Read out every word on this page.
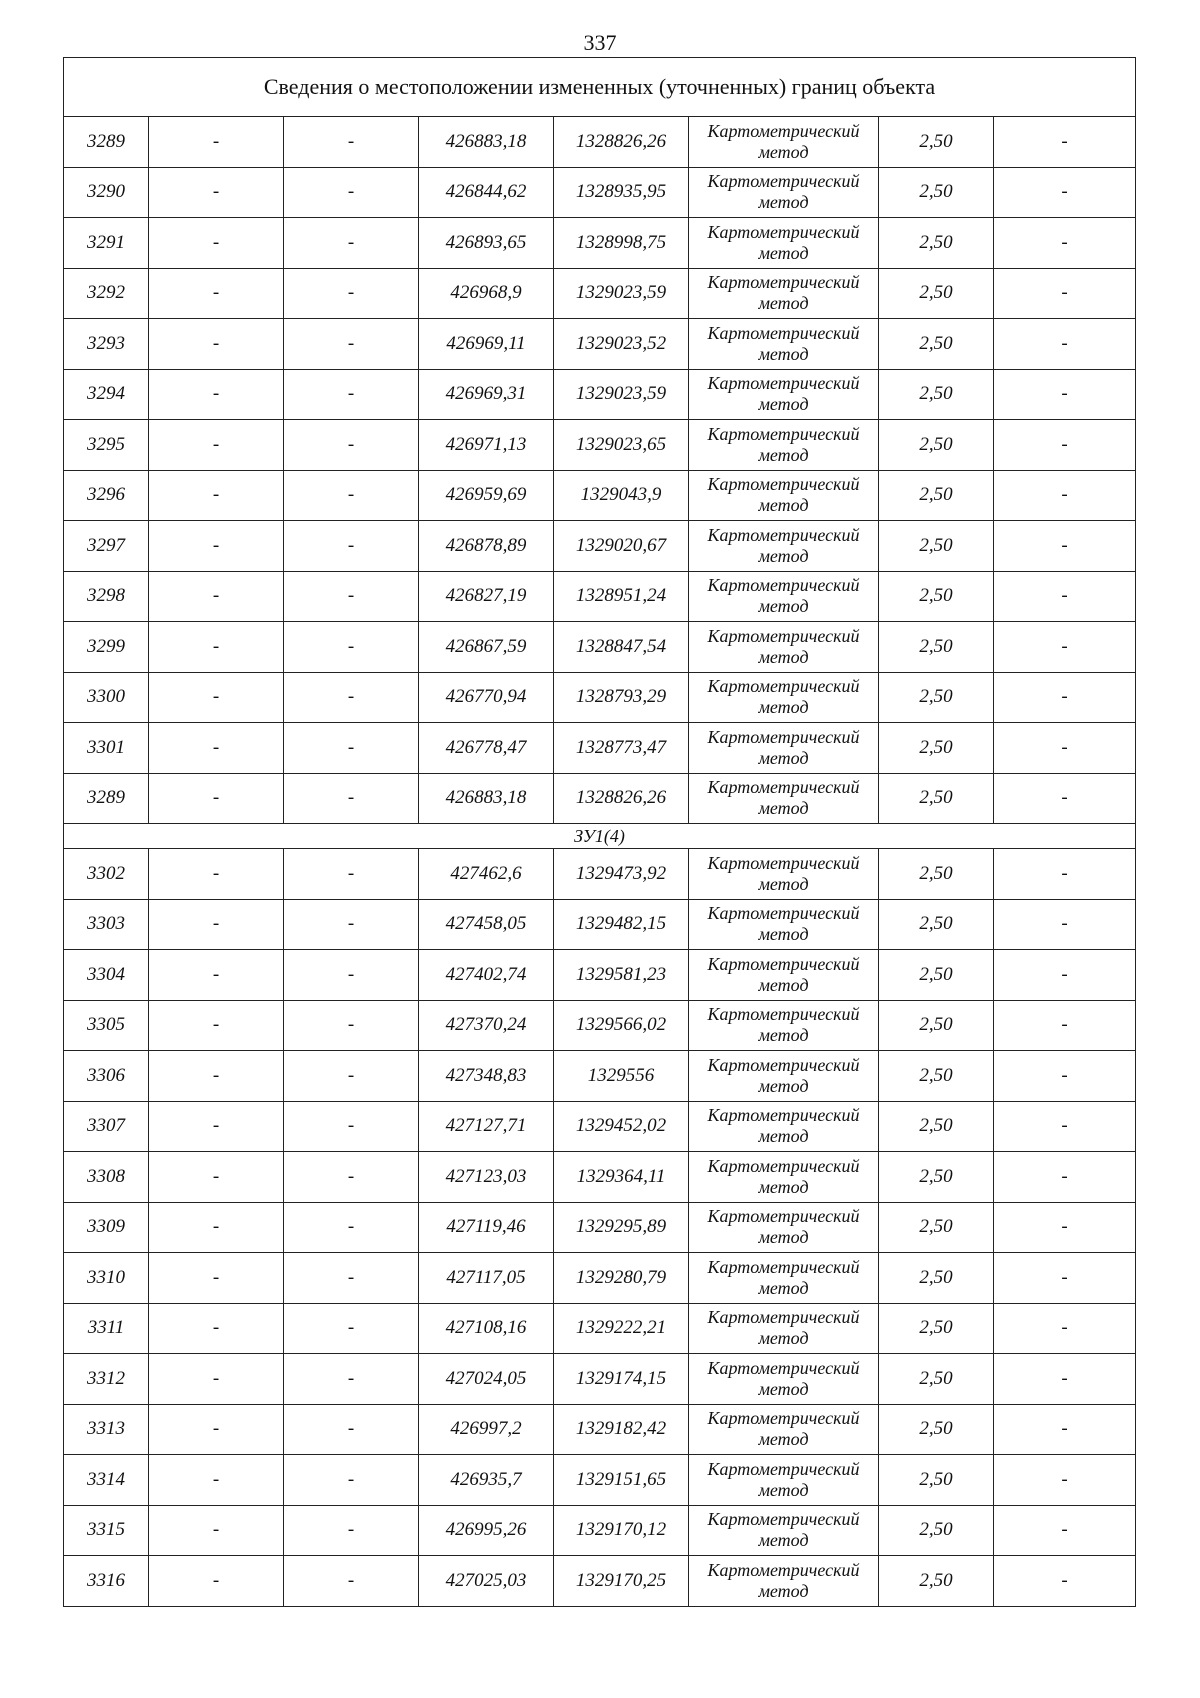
337
Сведения о местоположении измененных (уточненных) границ объекта							
3289	-	-	426883,18	1328826,26	Картометрический
метод	2,50	-
3290	-	-	426844,62	1328935,95	Картометрический
метод	2,50	-
3291	-	-	426893,65	1328998,75	Картометрический
метод	2,50	-
3292	-	-	426968,9	1329023,59	Картометрический
метод	2,50	-
3293	-	-	426969,11	1329023,52	Картометрический
метод	2,50	-
3294	-	-	426969,31	1329023,59	Картометрический
метод	2,50	-
3295	-	-	426971,13	1329023,65	Картометрический
метод	2,50	-
3296	-	-	426959,69	1329043,9	Картометрический
метод	2,50	-
3297	-	-	426878,89	1329020,67	Картометрический
метод	2,50	-
3298	-	-	426827,19	1328951,24	Картометрический
метод	2,50	-
3299	-	-	426867,59	1328847,54	Картометрический
метод	2,50	-
3300	-	-	426770,94	1328793,29	Картометрический
метод	2,50	-
3301	-	-	426778,47	1328773,47	Картометрический
метод	2,50	-
3289	-	-	426883,18	1328826,26	Картометрический
метод	2,50	-
ЗУ1(4)							
3302	-	-	427462,6	1329473,92	Картометрический
метод	2,50	-
3303	-	-	427458,05	1329482,15	Картометрический
метод	2,50	-
3304	-	-	427402,74	1329581,23	Картометрический
метод	2,50	-
3305	-	-	427370,24	1329566,02	Картометрический
метод	2,50	-
3306	-	-	427348,83	1329556	Картометрический
метод	2,50	-
3307	-	-	427127,71	1329452,02	Картометрический
метод	2,50	-
3308	-	-	427123,03	1329364,11	Картометрический
метод	2,50	-
3309	-	-	427119,46	1329295,89	Картометрический
метод	2,50	-
3310	-	-	427117,05	1329280,79	Картометрический
метод	2,50	-
3311	-	-	427108,16	1329222,21	Картометрический
метод	2,50	-
3312	-	-	427024,05	1329174,15	Картометрический
метод	2,50	-
3313	-	-	426997,2	1329182,42	Картометрический
метод	2,50	-
3314	-	-	426935,7	1329151,65	Картометрический
метод	2,50	-
3315	-	-	426995,26	1329170,12	Картометрический
метод	2,50	-
3316	-	-	427025,03	1329170,25	Картометрический
метод	2,50	-
